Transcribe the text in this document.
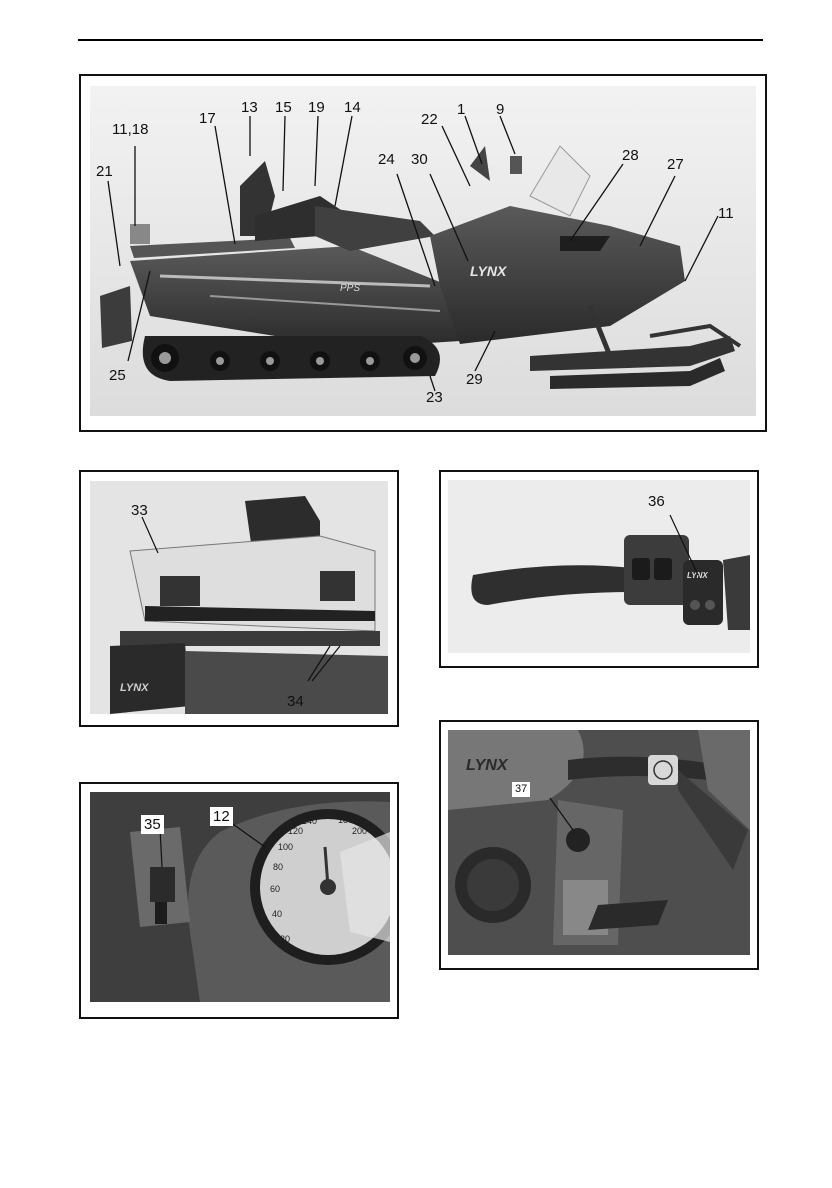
LYNX
PPS
13 15 19 14
11,18
17	22
1 9
24 30	28
27
21
11
25
23
29
LYNX
33
34
LYNX
36
20
40
60
80
100
120
140 160 180
200
35	12
LYNX
37
